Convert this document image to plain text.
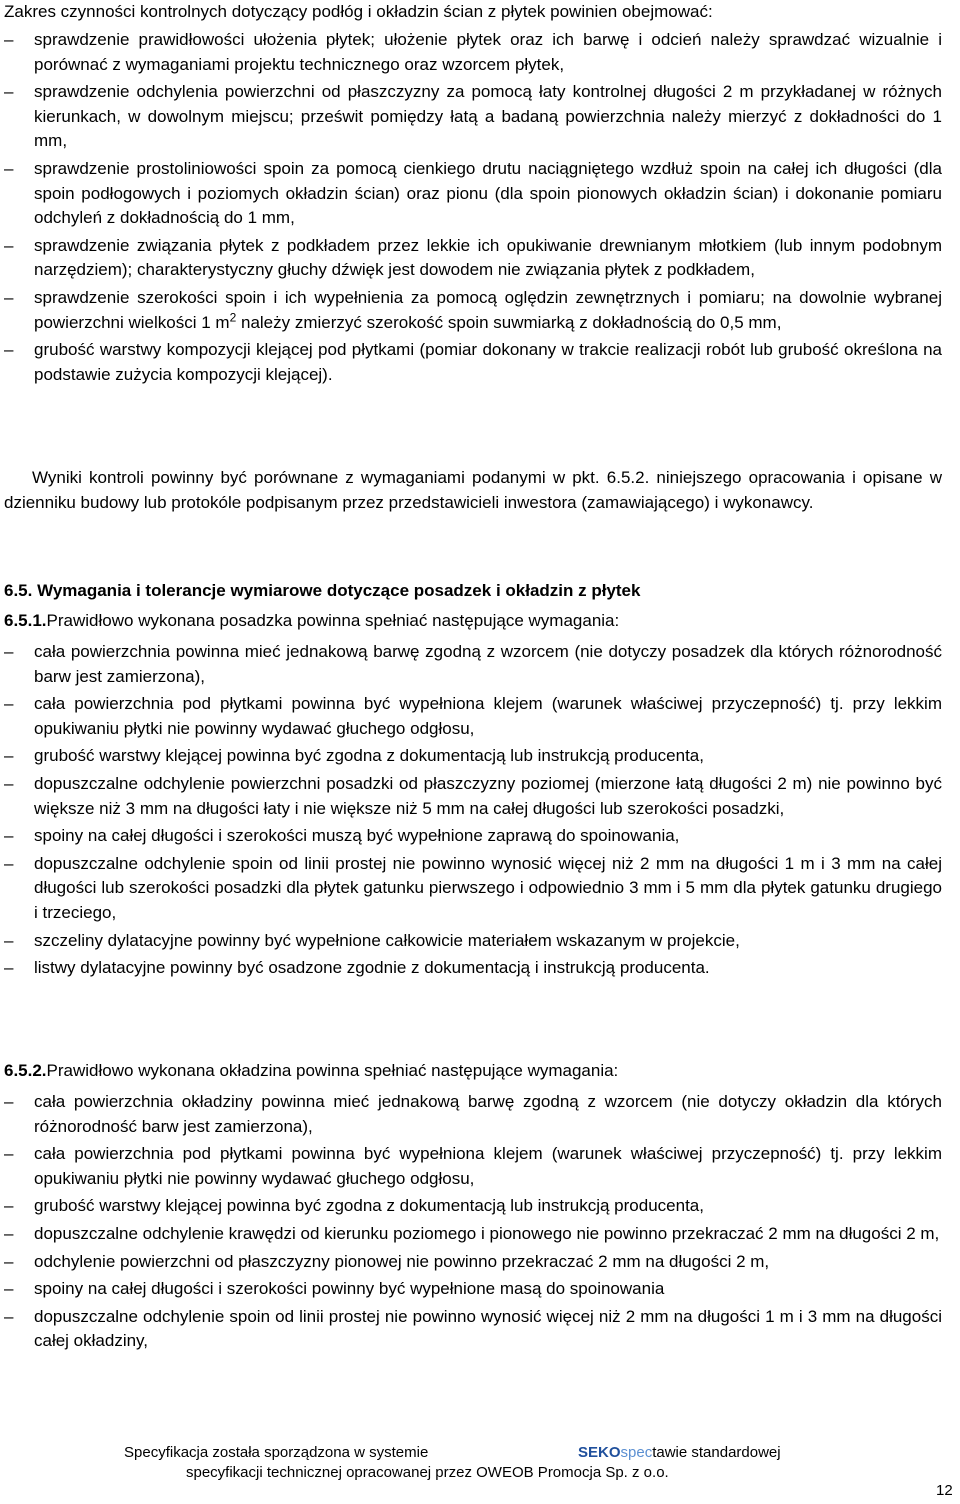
Zakres czynności kontrolnych dotyczący podłóg i okładzin ścian z płytek powinien obejmować:
– sprawdzenie prawidłowości ułożenia płytek; ułożenie płytek oraz ich barwę i odcień należy sprawdzać wizualnie i porównać z wymaganiami projektu technicznego oraz wzorcem płytek,
– sprawdzenie odchylenia powierzchni od płaszczyzny za pomocą łaty kontrolnej długości 2 m przykładanej w różnych kierunkach, w dowolnym miejscu; prześwit pomiędzy łatą a badaną powierzchnia należy mierzyć z dokładności do 1 mm,
– sprawdzenie prostoliniowości spoin za pomocą cienkiego drutu naciągniętego wzdłuż spoin na całej ich długości (dla spoin podłogowych i poziomych okładzin ścian) oraz pionu (dla spoin pionowych okładzin ścian) i dokonanie pomiaru odchyleń z dokładnością do 1 mm,
– sprawdzenie związania płytek z podkładem przez lekkie ich opukiwanie drewnianym młotkiem (lub innym podobnym narzędziem); charakterystyczny głuchy dźwięk jest dowodem nie związania płytek z podkładem,
– sprawdzenie szerokości spoin i ich wypełnienia za pomocą oględzin zewnętrznych i pomiaru; na dowolnie wybranej powierzchni wielkości 1 $m^2$ należy zmierzyć szerokość spoin suwmiarką z dokładnością do 0,5 mm,
– grubość warstwy kompozycji klejącej pod płytkami (pomiar dokonany w trakcie realizacji robót lub grubość określona na podstawie zużycia kompozycji klejącej).
Wyniki kontroli powinny być porównane z wymaganiami podanymi w pkt. 6.5.2. niniejszego opracowania i opisane w dzienniku budowy lub protokóle podpisanym przez przedstawicieli inwestora (zamawiającego) i wykonawcy.
6.5. Wymagania i tolerancje wymiarowe dotyczące posadzek i okładzin z płytek
6.5.1.Prawidłowo wykonana posadzka powinna spełniać następujące wymagania:
– cała powierzchnia powinna mieć jednakową barwę zgodną z wzorcem (nie dotyczy posadzek dla których różnorodność barw jest zamierzona),
– cała powierzchnia pod płytkami powinna być wypełniona klejem (warunek właściwej przyczepność) tj. przy lekkim opukiwaniu płytki nie powinny wydawać głuchego odgłosu,
– grubość warstwy klejącej powinna być zgodna z dokumentacją lub instrukcją producenta,
– dopuszczalne odchylenie powierzchni posadzki od płaszczyzny poziomej (mierzone łatą długości 2 m) nie powinno być większe niż 3 mm na długości łaty i nie większe niż 5 mm na całej długości lub szerokości posadzki,
– spoiny na całej długości i szerokości muszą być wypełnione zaprawą do spoinowania,
– dopuszczalne odchylenie spoin od linii prostej nie powinno wynosić więcej niż 2 mm na długości 1 m i 3 mm na całej długości lub szerokości posadzki dla płytek gatunku pierwszego i odpowiednio 3 mm i 5 mm dla płytek gatunku drugiego i trzeciego,
– szczeliny dylatacyjne powinny być wypełnione całkowicie materiałem wskazanym w projekcie,
– listwy dylatacyjne powinny być osadzone zgodnie z dokumentacją i instrukcją producenta.
6.5.2.Prawidłowo wykonana okładzina powinna spełniać następujące wymagania:
– cała powierzchnia okładziny powinna mieć jednakową barwę zgodną z wzorcem (nie dotyczy okładzin dla których różnorodność barw jest zamierzona),
– cała powierzchnia pod płytkami powinna być wypełniona klejem (warunek właściwej przyczepność) tj. przy lekkim opukiwaniu płytki nie powinny wydawać głuchego odgłosu,
– grubość warstwy klejącej powinna być zgodna z dokumentacją lub instrukcją producenta,
– dopuszczalne odchylenie krawędzi od kierunku poziomego i pionowego nie powinno przekraczać 2 mm na długości 2 m,
– odchylenie powierzchni od płaszczyzny pionowej nie powinno przekraczać 2 mm na długości 2 m,
– spoiny na całej długości i szerokości powinny być wypełnione masą do spoinowania
– dopuszczalne odchylenie spoin od linii prostej nie powinno wynosić więcej niż 2 mm na długości 1 m i 3 mm na długości całej okładziny,
Specyfikacja została sporządzona w systemie	SEKOspectawie standardowej
specyfikacji technicznej opracowanej przez OWEOB Promocja Sp. z o.o.
12
